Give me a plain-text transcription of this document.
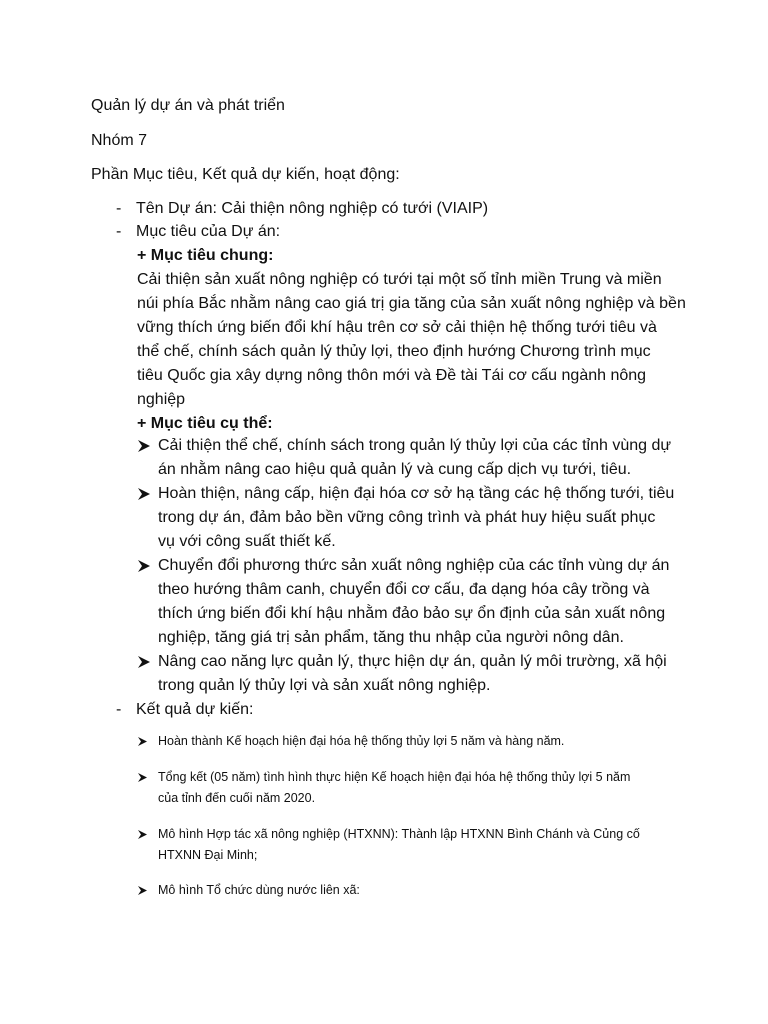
Quản lý dự án và phát triển
Nhóm 7
Phần Mục tiêu, Kết quả dự kiến, hoạt động:
- Tên Dự án: Cải thiện nông nghiệp có tưới (VIAIP)
- Mục tiêu của Dự án:
+ Mục tiêu chung:
Cải thiện sản xuất nông nghiệp có tưới tại một số tỉnh miền Trung và miền
núi phía Bắc nhằm nâng cao giá trị gia tăng của sản xuất nông nghiệp và bền
vững thích ứng biến đổi khí hậu trên cơ sở cải thiện hệ thống tưới tiêu và
thể chế, chính sách quản lý thủy lợi, theo định hướng Chương trình mục
tiêu Quốc gia xây dựng nông thôn mới và Đề tài Tái cơ cấu ngành nông
nghiệp
+ Mục tiêu cụ thể:
Cải thiện thể chế, chính sách trong quản lý thủy lợi của các tỉnh vùng dự
án nhằm nâng cao hiệu quả quản lý và cung cấp dịch vụ tưới, tiêu.
Hoàn thiện, nâng cấp, hiện đại hóa cơ sở hạ tầng các hệ thống tưới, tiêu
trong dự án, đảm bảo bền vững công trình và phát huy hiệu suất phục
vụ với công suất thiết kế.
Chuyển đổi phương thức sản xuất nông nghiệp của các tỉnh vùng dự án
theo hướng thâm canh, chuyển đổi cơ cấu, đa dạng hóa cây trồng và
thích ứng biến đổi khí hậu nhằm đảo bảo sự ổn định của sản xuất nông
nghiệp, tăng giá trị sản phẩm, tăng thu nhập của người nông dân.
Nâng cao năng lực quản lý, thực hiện dự án, quản lý môi trường, xã hội
trong quản lý thủy lợi và sản xuất nông nghiệp.
- Kết quả dự kiến:
Hoàn thành Kế hoạch hiện đại hóa hệ thống thủy lợi 5 năm và hàng năm.
Tổng kết (05 năm) tình hình thực hiện Kế hoạch hiện đại hóa hệ thống thủy lợi 5 năm
của tỉnh đến cuối năm 2020.
Mô hình Hợp tác xã nông nghiệp (HTXNN): Thành lập HTXNN Bình Chánh và Củng cố
HTXNN Đại Minh;
Mô hình Tổ chức dùng nước liên xã:
